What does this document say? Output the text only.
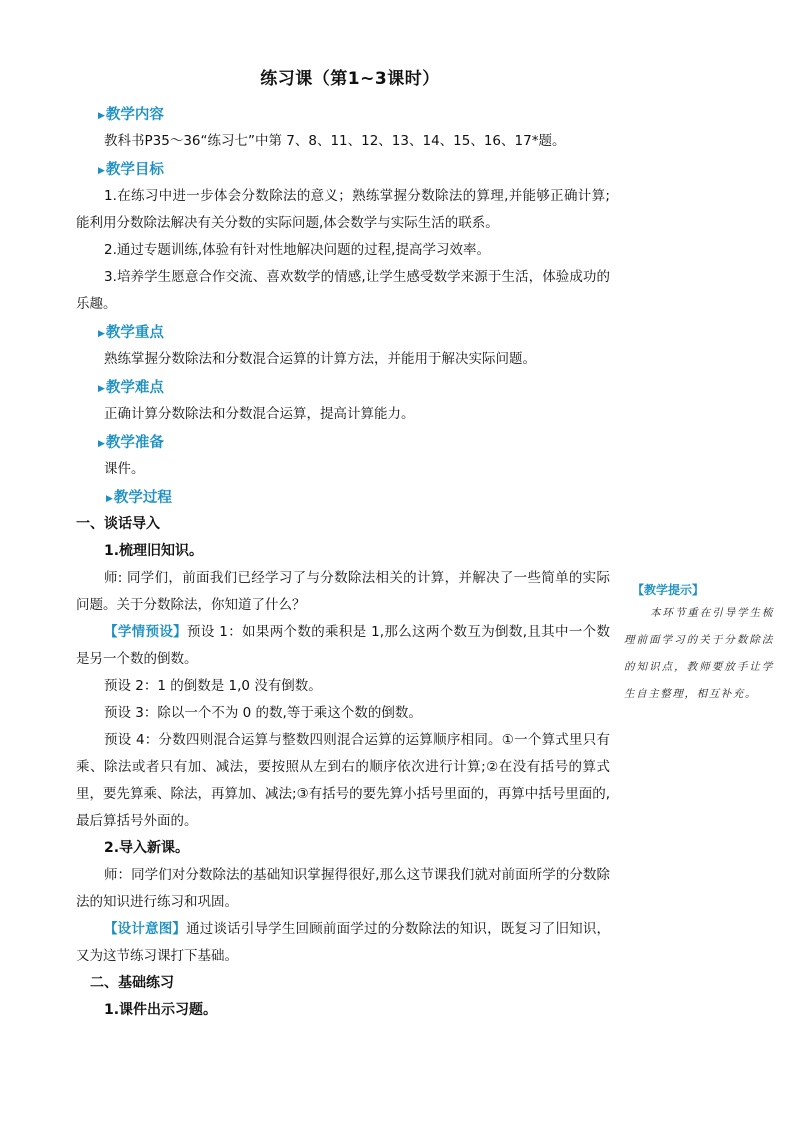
练习课（第1~3课时）
▶教学内容

教科书P35～36“练习七”中第 7、8、11、12、13、14、15、16、17*题。

▶教学目标

1.在练习中进一步体会分数除法的意义；熟练掌握分数除法的算理,并能够正确计算;能利用分数除法解决有关分数的实际问题,体会数学与实际生活的联系。

2.通过专题训练,体验有针对性地解决问题的过程,提高学习效率。

3.培养学生愿意合作交流、喜欢数学的情感,让学生感受数学来源于生活，体验成功的乐趣。

▶教学重点

熟练掌握分数除法和分数混合运算的计算方法，并能用于解决实际问题。

▶教学难点

正确计算分数除法和分数混合运算，提高计算能力。

▶教学准备

课件。

▶教学过程

一、谈话导入

1.梳理旧知识。

师: 同学们，前面我们已经学习了与分数除法相关的计算，并解决了一些简单的实际问题。关于分数除法，你知道了什么？

【学情预设】预设 1：如果两个数的乘积是 1,那么这两个数互为倒数,且其中一个数是另一个数的倒数。

预设 2：1 的倒数是 1,0 没有倒数。

预设 3：除以一个不为 0 的数,等于乘这个数的倒数。

预设 4：分数四则混合运算与整数四则混合运算的运算顺序相同。①一个算式里只有乘、除法或者只有加、减法，要按照从左到右的顺序依次进行计算;②在没有括号的算式里，要先算乘、除法，再算加、减法;③有括号的要先算小括号里面的，再算中括号里面的,最后算括号外面的。

2.导入新课。

师：同学们对分数除法的基础知识掌握得很好,那么这节课我们就对前面所学的分数除法的知识进行练习和巩固。

【设计意图】通过谈话引导学生回顾前面学过的分数除法的知识，既复习了旧知识，又为这节练习课打下基础。

二、基础练习

1.课件出示习题。

【教学提示】

本环节重在引导学生梳理前面学习的关于分数除法的知识点，教师要放手让学生自主整理，相互补充。
